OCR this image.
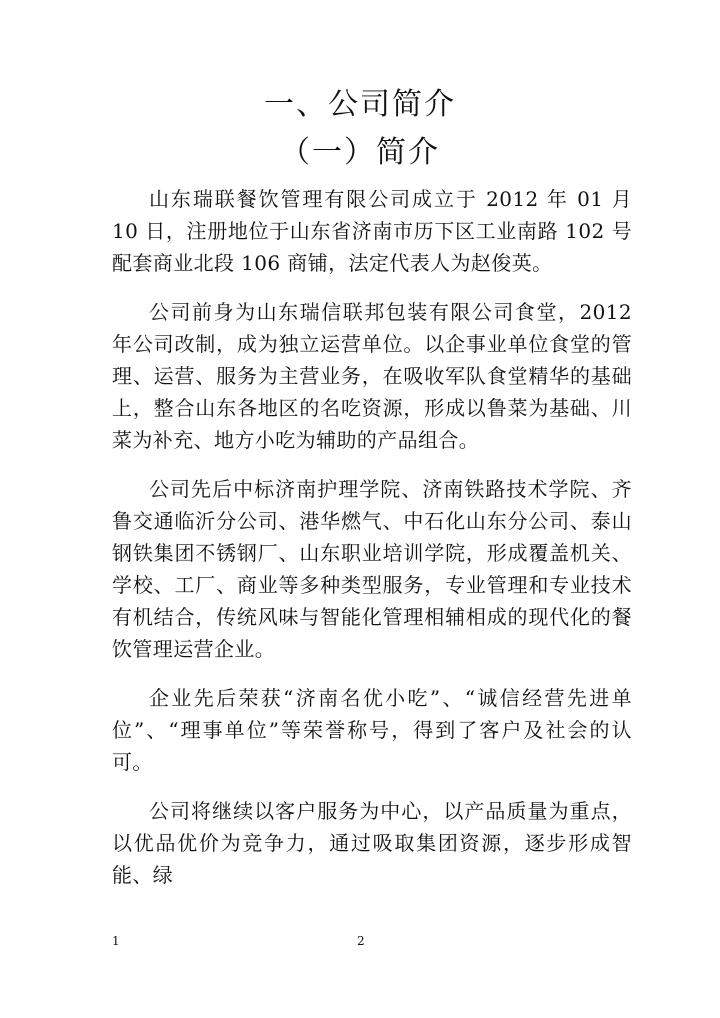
一、公司简介
（一）简介

山东瑞联餐饮管理有限公司成立于 2012 年 01 月 10 日，注册地位于山东省济南市历下区工业南路 102 号配套商业北段 106 商铺，法定代表人为赵俊英。

公司前身为山东瑞信联邦包装有限公司食堂，2012 年公司改制，成为独立运营单位。以企事业单位食堂的管理、运营、服务为主营业务，在吸收军队食堂精华的基础上，整合山东各地区的名吃资源，形成以鲁菜为基础、川菜为补充、地方小吃为辅助的产品组合。

公司先后中标济南护理学院、济南铁路技术学院、齐鲁交通临沂分公司、港华燃气、中石化山东分公司、泰山钢铁集团不锈钢厂、山东职业培训学院，形成覆盖机关、学校、工厂、商业等多种类型服务，专业管理和专业技术有机结合，传统风味与智能化管理相辅相成的现代化的餐饮管理运营企业。

企业先后荣获“济南名优小吃”、“诚信经营先进单位”、“理事单位”等荣誉称号，得到了客户及社会的认可。

公司将继续以客户服务为中心，以产品质量为重点，以优品优价为竞争力，通过吸取集团资源，逐步形成智能、绿

1	2
